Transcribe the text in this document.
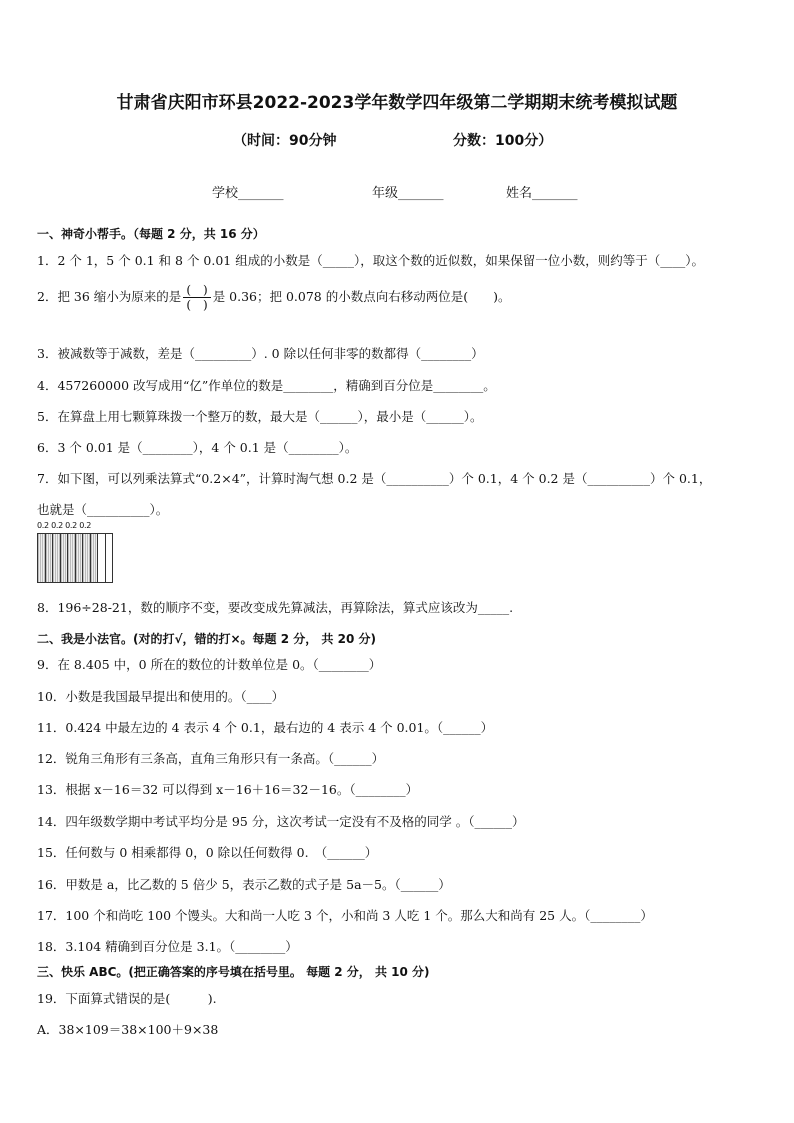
甘肃省庆阳市环县2022-2023学年数学四年级第二学期期末统考模拟试题
（时间：90分钟	分数：100分）
学校_______	年级_______	姓名_______
一、神奇小帮手。（每题 2 分，共 16 分）
1．2 个 1，5 个 0.1 和 8 个 0.01 组成的小数是（_____），取这个数的近似数，如果保留一位小数，则约等于（____）。
2．把 36 缩小为原来的是 $\frac{( )}{( )}$ 是 0.36；把 0.078 的小数点向右移动两位是(　　)。
3．被减数等于减数，差是（_________）. 0 除以任何非零的数都得（________）
4．457260000 改写成用“亿”作单位的数是________，精确到百分位是________。
5．在算盘上用七颗算珠拨一个整万的数，最大是（______），最小是（______）。
6．3 个 0.01 是（________），4 个 0.1 是（________）。
7．如下图，可以列乘法算式“0.2×4”，计算时淘气想 0.2 是（__________）个 0.1，4 个 0.2 是（__________）个 0.1，
也就是（__________）。
0.2 0.2 0.2 0.2
8．196÷28-21，数的顺序不变，要改变成先算减法，再算除法，算式应该改为_____.
二、我是小法官。(对的打√，错的打×。每题 2 分， 共 20 分)
9．在 8.405 中，0 所在的数位的计数单位是 0。（________）
10．小数是我国最早提出和使用的。（____）
11．0.424 中最左边的 4 表示 4 个 0.1，最右边的 4 表示 4 个 0.01。（______）
12．锐角三角形有三条高，直角三角形只有一条高。（______）
13．根据 x－16＝32 可以得到 x－16＋16＝32－16。（________）
14．四年级数学期中考试平均分是 95 分，这次考试一定没有不及格的同学 。（______）
15．任何数与 0 相乘都得 0，0 除以任何数得 0.　（______）
16．甲数是 a，比乙数的 5 倍少 5，表示乙数的式子是 5a－5。（______）
17．100 个和尚吃 100 个馒头。大和尚一人吃 3 个，小和尚 3 人吃 1 个。那么大和尚有 25 人。（________）
18．3.104 精确到百分位是 3.1。（________）
三、快乐 ABC。(把正确答案的序号填在括号里。 每题 2 分， 共 10 分)
19．下面算式错误的是(　　　).
A．38×109＝38×100＋9×38
